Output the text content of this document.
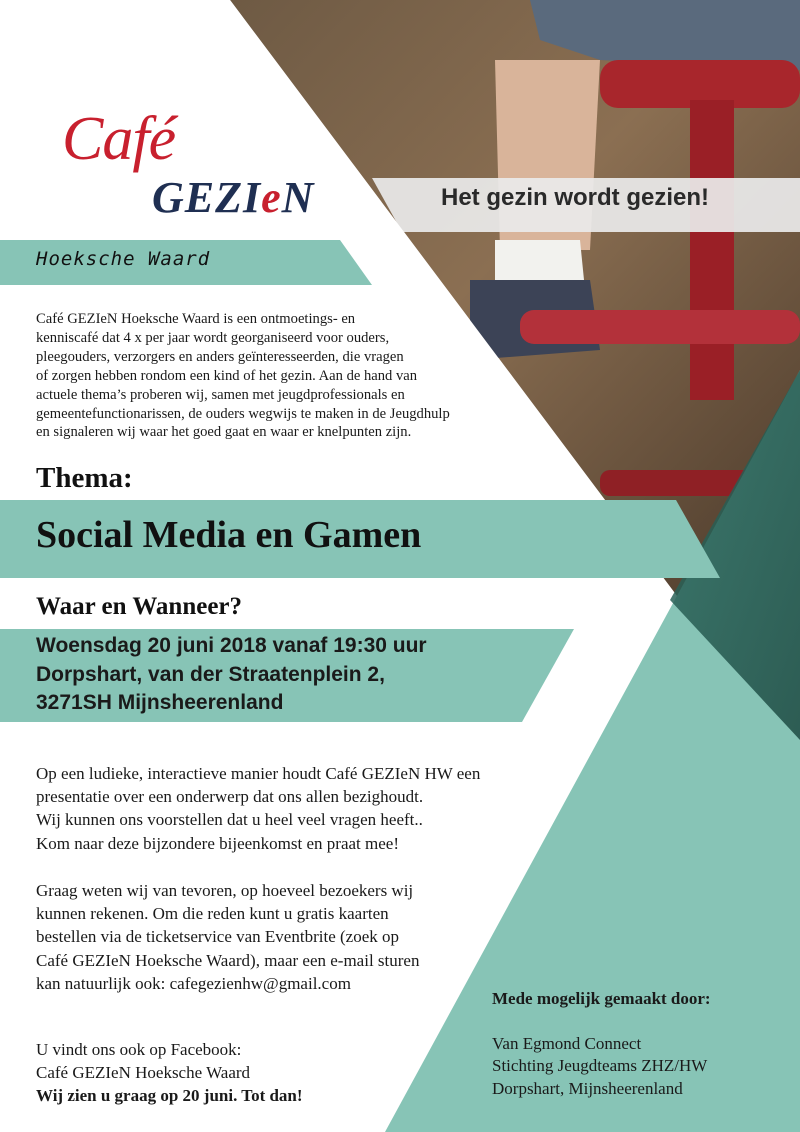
Café
GEZIeN	Het gezin wordt gezien!
Hoeksche Waard
Café GEZIeN Hoeksche Waard is een ontmoetings- en
kenniscafé dat 4 x per jaar wordt georganiseerd voor ouders,
pleegouders, verzorgers en anders geïnteresseerden, die vragen
of zorgen hebben rondom een kind of het gezin. Aan de hand van
actuele thema’s proberen wij, samen met jeugdprofessionals en
gemeentefunctionarissen, de ouders wegwijs te maken in de Jeugdhulp
en signaleren wij waar het goed gaat en waar er knelpunten zijn.
Thema:
Social Media en Gamen
Waar en Wanneer?
Woensdag 20 juni 2018 vanaf 19:30 uur
Dorpshart, van der Straatenplein 2,
3271SH Mijnsheerenland
Op een ludieke, interactieve manier houdt Café GEZIeN HW een
presentatie over een onderwerp dat ons allen bezighoudt.
Wij kunnen ons voorstellen dat u heel veel vragen heeft..
Kom naar deze bijzondere bijeenkomst en praat mee!
Graag weten wij van tevoren, op hoeveel bezoekers wij
kunnen rekenen. Om die reden kunt u gratis kaarten
bestellen via de ticketservice van Eventbrite (zoek op
Café GEZIeN Hoeksche Waard), maar een e-mail sturen
kan natuurlijk ook: cafegezienhw@gmail.com
U vindt ons ook op Facebook:
Café GEZIeN Hoeksche Waard
Wij zien u graag op 20 juni. Tot dan!
Mede mogelijk gemaakt door:
Van Egmond Connect
Stichting Jeugdteams ZHZ/HW
Dorpshart, Mijnsheerenland
